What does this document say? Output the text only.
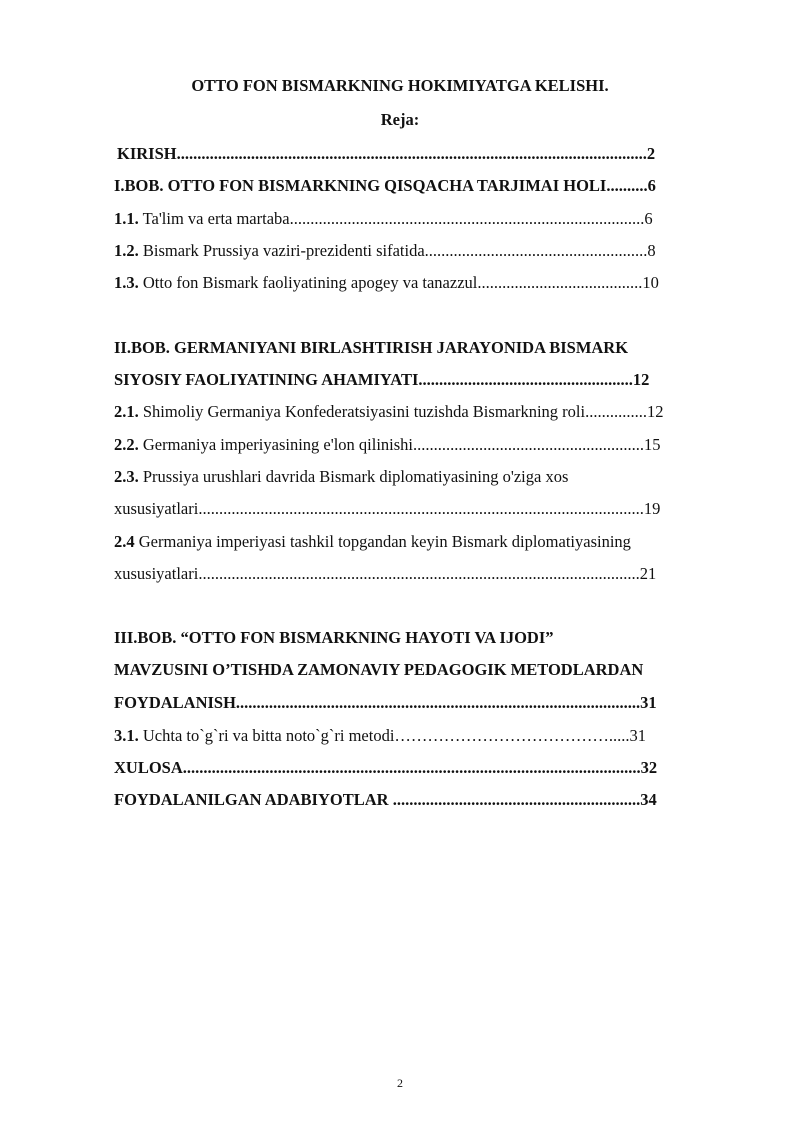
OTTO FON BISMARKNING HOKIMIYATGA KELISHI.
Reja:
KIRISH..................................................................................................................2
I.BOB. OTTO FON BISMARKNING QISQACHA TARJIMAI HOLI..........6
1.1. Ta'lim va erta martaba......................................................................................6
1.2. Bismark Prussiya vaziri-prezidenti sifatida......................................................8
1.3. Otto fon Bismark faoliyatining apogey va tanazzul........................................10
II.BOB. GERMANIYANI BIRLASHTIRISH JARAYONIDA BISMARK
SIYOSIY FAOLIYATINING AHAMIYATI....................................................12
2.1. Shimoliy Germaniya Konfederatsiyasini tuzishda Bismarkning roli...............12
2.2. Germaniya imperiyasining e'lon qilinishi........................................................15
2.3. Prussiya urushlari davrida Bismark diplomatiyasining o'ziga xos
xususiyatlari............................................................................................................19
2.4 Germaniya imperiyasi tashkil topgandan keyin Bismark diplomatiyasining
xususiyatlari...........................................................................................................21
III.BOB. “OTTO FON BISMARKNING HAYOTI VA IJODI”
MAVZUSINI O’TISHDA ZAMONAVIY PEDAGOGIK METODLARDAN
FOYDALANISH..................................................................................................31
3.1. Uchta to`g`ri va bitta noto`g`ri metodi………………………………….....31
XULOSA...............................................................................................................32
FOYDALANILGAN ADABIYOTLAR ............................................................34
2
